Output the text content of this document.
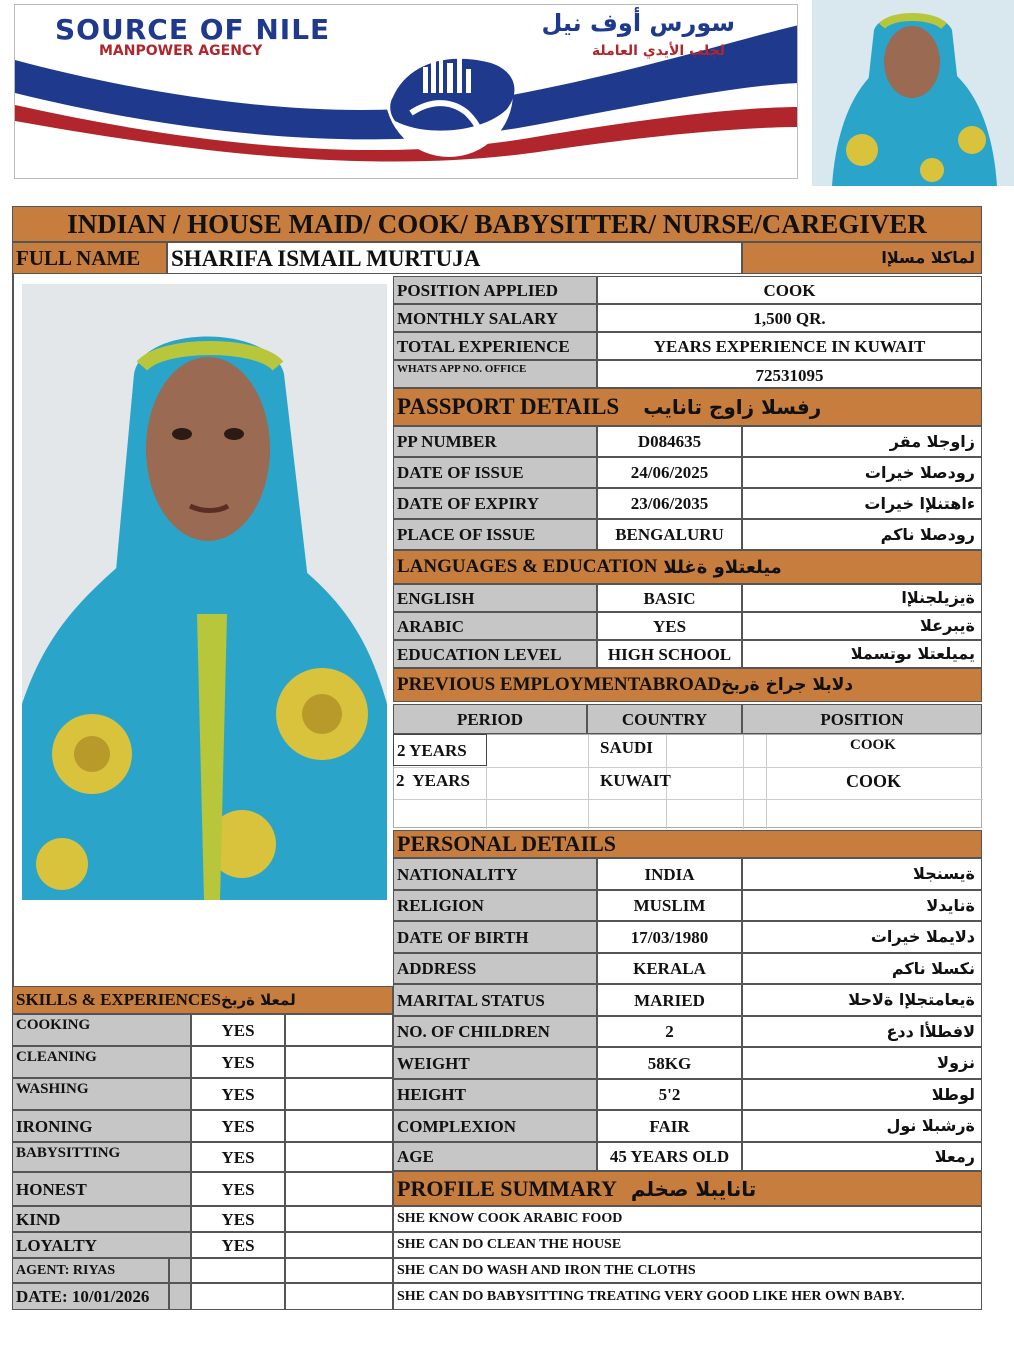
SOURCE OF NILE
MANPOWER AGENCY
سورس أوف نيل
لجلب الأيدي العاملة
INDIAN / HOUSE MAID/ COOK/ BABYSITTER/ NURSE/CAREGIVER
FULL NAME	SHARIFA ISMAIL MURTUJA	لماكلا مسلإا
POSITION APPLIED	COOK
MONTHLY SALARY	1,500 QR.
TOTAL EXPERIENCE	YEARS EXPERIENCE IN KUWAIT
WHATS APP NO. OFFICE	72531095
PASSPORT DETAILS رفسلا زاوج تانايب
PP NUMBER	D084635	زاوجلا مقر
DATE OF ISSUE	24/06/2025	رودصلا خيرات
DATE OF EXPIRY	23/06/2035	ءاهتنلإا خيرات
PLACE OF ISSUE	BENGALURU	رودصلا ناكم
LANGUAGES & EDUCATION ميلعتلاو ةغللا
ENGLISH	BASIC	ةيزيلجنلإا
ARABIC	YES	ةيبرعلا
EDUCATION LEVEL	HIGH SCHOOL	يميلعتلا ىوتسملا
PREVIOUS EMPLOYMENTABROAD دلابلا جراخ ةربخ
PERIOD	COUNTRY	POSITION
2 YEARS	SAUDI	COOK
2  YEARS	KUWAIT	COOK
PERSONAL DETAILS
NATIONALITY	INDIA	ةيسنجلا
RELIGION	MUSLIM	ةنايدلا
DATE OF BIRTH	17/03/1980	دلايملا خيرات
ADDRESS	KERALA	نكسلا ناكم
MARITAL STATUS	MARIED	ةيعامتجلإا ةلاحلا
NO. OF CHILDREN	2	لافطلأا ددع
WEIGHT	58KG	نزولا
HEIGHT	5'2	لوطلا
COMPLEXION	FAIR	ةرشبلا نول
AGE	45 YEARS OLD	رمعلا
SKILLS & EXPERIENCES لمعلا ةربخ
COOKING	YES
CLEANING	YES
WASHING	YES
IRONING	YES
BABYSITTING	YES
HONEST	YES
KIND	YES
LOYALTY	YES
AGENT: RIYAS
DATE: 10/01/2026
PROFILE SUMMARY تانايبلا صخلم
SHE KNOW COOK ARABIC FOOD
SHE CAN DO CLEAN THE HOUSE
SHE CAN DO WASH AND IRON THE CLOTHS
SHE CAN DO BABYSITTING TREATING VERY GOOD LIKE HER OWN BABY.
